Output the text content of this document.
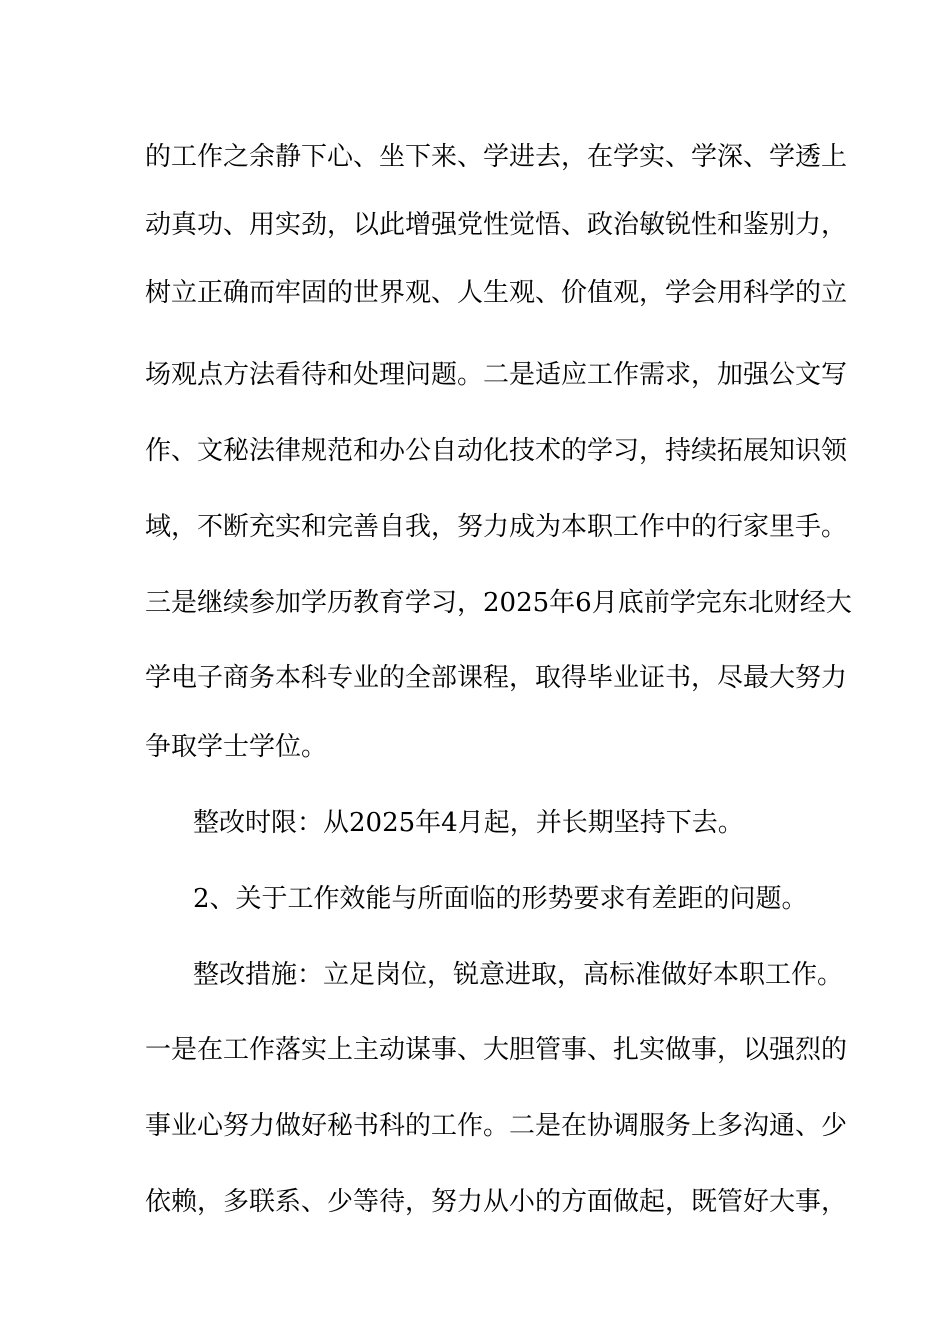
的工作之余静下心、坐下来、学进去，在学实、学深、学透上
动真功、用实劲，以此增强党性觉悟、政治敏锐性和鉴别力，
树立正确而牢固的世界观、人生观、价值观，学会用科学的立
场观点方法看待和处理问题。二是适应工作需求，加强公文写
作、文秘法律规范和办公自动化技术的学习，持续拓展知识领
域，不断充实和完善自我，努力成为本职工作中的行家里手。
三是继续参加学历教育学习，2025年6月底前学完东北财经大
学电子商务本科专业的全部课程，取得毕业证书，尽最大努力
争取学士学位。
整改时限：从2025年4月起，并长期坚持下去。
2、关于工作效能与所面临的形势要求有差距的问题。
整改措施：立足岗位，锐意进取，高标准做好本职工作。
一是在工作落实上主动谋事、大胆管事、扎实做事，以强烈的
事业心努力做好秘书科的工作。二是在协调服务上多沟通、少
依赖，多联系、少等待，努力从小的方面做起，既管好大事，
